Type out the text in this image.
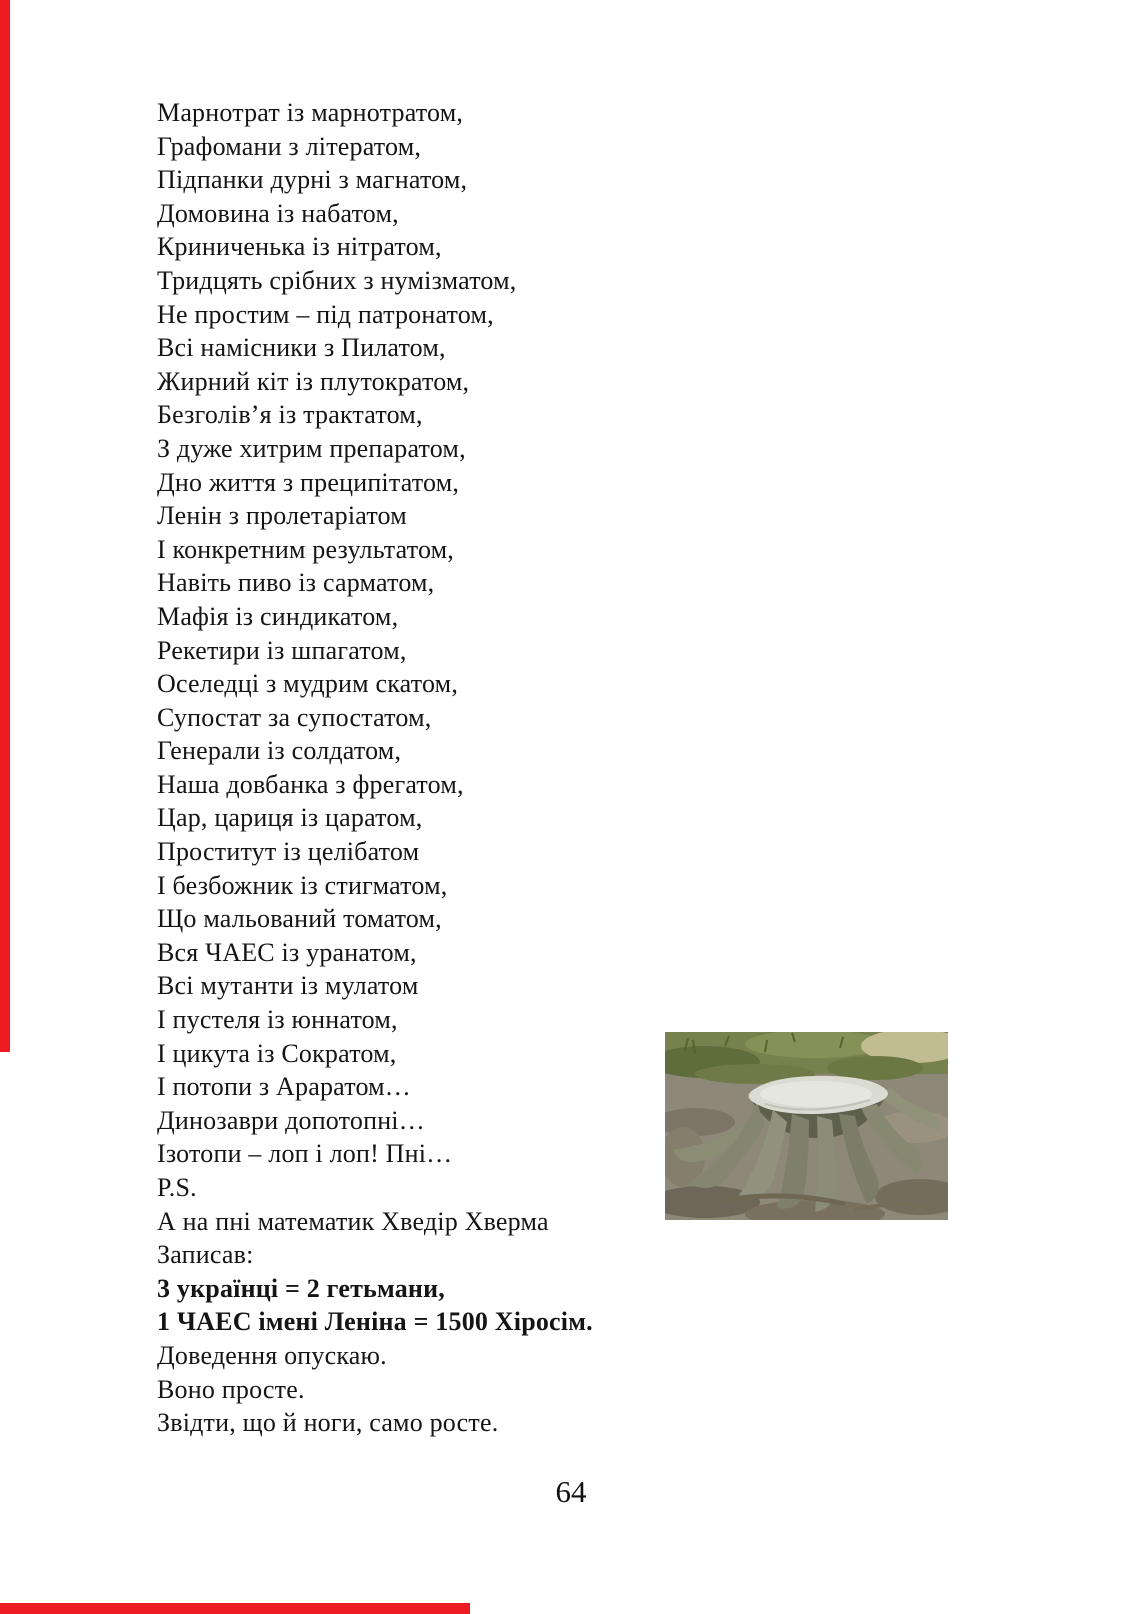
Марнотрат із марнотратом,
Графомани з літератом,
Підпанки дурні з магнатом,
Домовина із набатом,
Криниченька із нітратом,
Тридцять срібних з нумізматом,
Не простим – під патронатом,
Всі намісники з Пилатом,
Жирний кіт із плутократом,
Безголів’я із трактатом,
З дуже хитрим препаратом,
Дно життя з преципітатом,
Ленін з пролетаріатом
І конкретним результатом,
Навіть пиво із сарматом,
Мафія із синдикатом,
Рекетири із шпагатом,
Оселедці з мудрим скатом,
Супостат за супостатом,
Генерали із солдатом,
Наша довбанка з фрегатом,
Цар, цариця із царатом,
Проститут із целібатом
І безбожник із стигматом,
Що мальований томатом,
Вся ЧАЕС із уранатом,
Всі мутанти із мулатом
І пустеля із юннатом,
І цикута із Сократом,
І потопи з Араратом…
Динозаври допотопні…
Ізотопи – лоп і лоп! Пні…
P.S.
А на пні математик Хведір Хверма
Записав:
3 українці = 2 гетьмани,
1 ЧАЕС імені Леніна = 1500 Хіросім.
Доведення опускаю.
Воно просте.
Звідти, що й ноги, само росте.
64
